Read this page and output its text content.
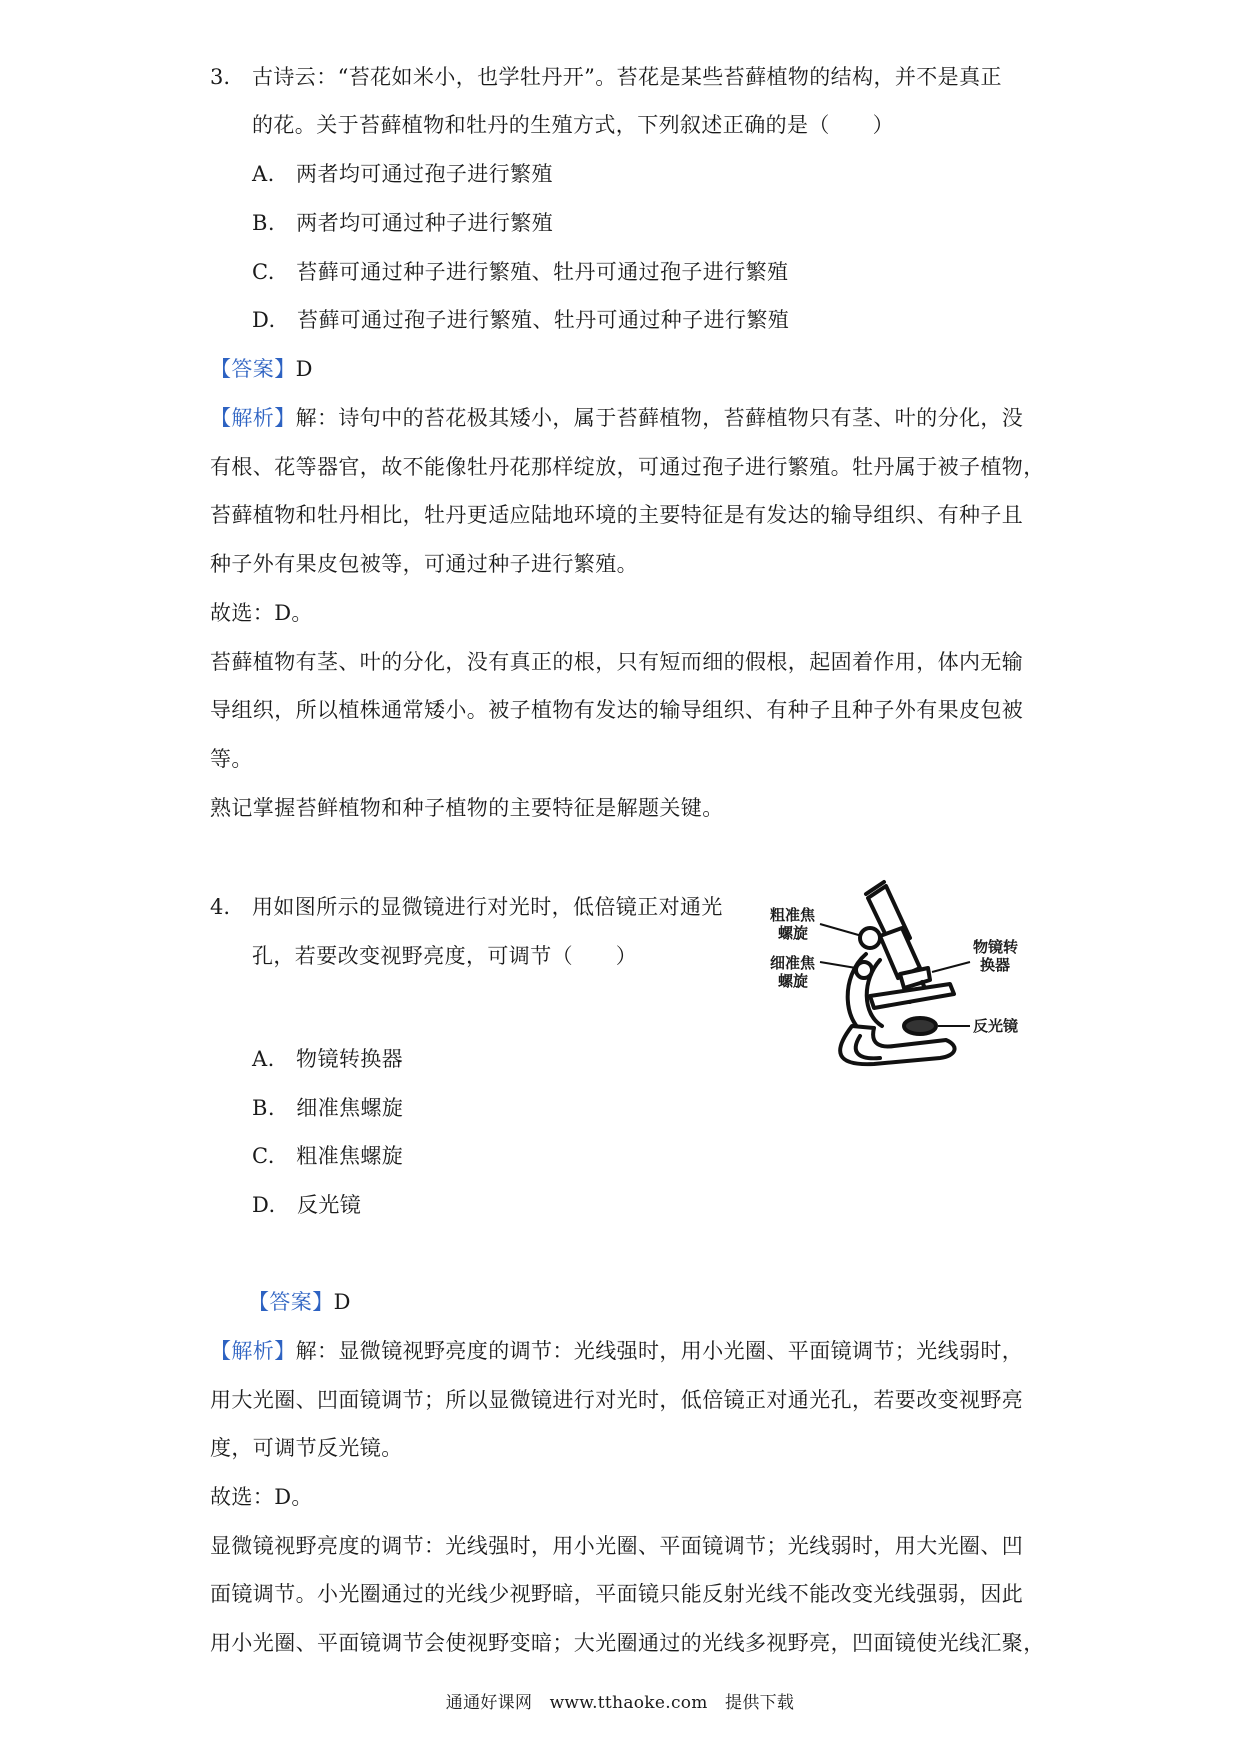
3. 古诗云：“苔花如米小，也学牡丹开”。苔花是某些苔藓植物的结构，并不是真正
的花。关于苔藓植物和牡丹的生殖方式，下列叙述正确的是（　　）
A.　两者均可通过孢子进行繁殖
B.　两者均可通过种子进行繁殖
C.　苔藓可通过种子进行繁殖、牡丹可通过孢子进行繁殖
D.　苔藓可通过孢子进行繁殖、牡丹可通过种子进行繁殖
【答案】D
【解析】解：诗句中的苔花极其矮小，属于苔藓植物，苔藓植物只有茎、叶的分化，没
有根、花等器官，故不能像牡丹花那样绽放，可通过孢子进行繁殖。牡丹属于被子植物，
苔藓植物和牡丹相比，牡丹更适应陆地环境的主要特征是有发达的输导组织、有种子且
种子外有果皮包被等，可通过种子进行繁殖。
故选：D。
苔藓植物有茎、叶的分化，没有真正的根，只有短而细的假根，起固着作用，体内无输
导组织，所以植株通常矮小。被子植物有发达的输导组织、有种子且种子外有果皮包被
等。
熟记掌握苔鲜植物和种子植物的主要特征是解题关键。
4. 用如图所示的显微镜进行对光时，低倍镜正对通光
孔，若要改变视野亮度，可调节（　　）
粗准焦
螺旋
细准焦
螺旋
物镜转
换器
反光镜
A.　物镜转换器
B.　细准焦螺旋
C.　粗准焦螺旋
D.　反光镜
【答案】D
【解析】解：显微镜视野亮度的调节：光线强时，用小光圈、平面镜调节；光线弱时，
用大光圈、凹面镜调节；所以显微镜进行对光时，低倍镜正对通光孔，若要改变视野亮
度，可调节反光镜。
故选：D。
显微镜视野亮度的调节：光线强时，用小光圈、平面镜调节；光线弱时，用大光圈、凹
面镜调节。小光圈通过的光线少视野暗，平面镜只能反射光线不能改变光线强弱，因此
用小光圈、平面镜调节会使视野变暗；大光圈通过的光线多视野亮，凹面镜使光线汇聚，
通通好课网　www.tthaoke.com　提供下载
